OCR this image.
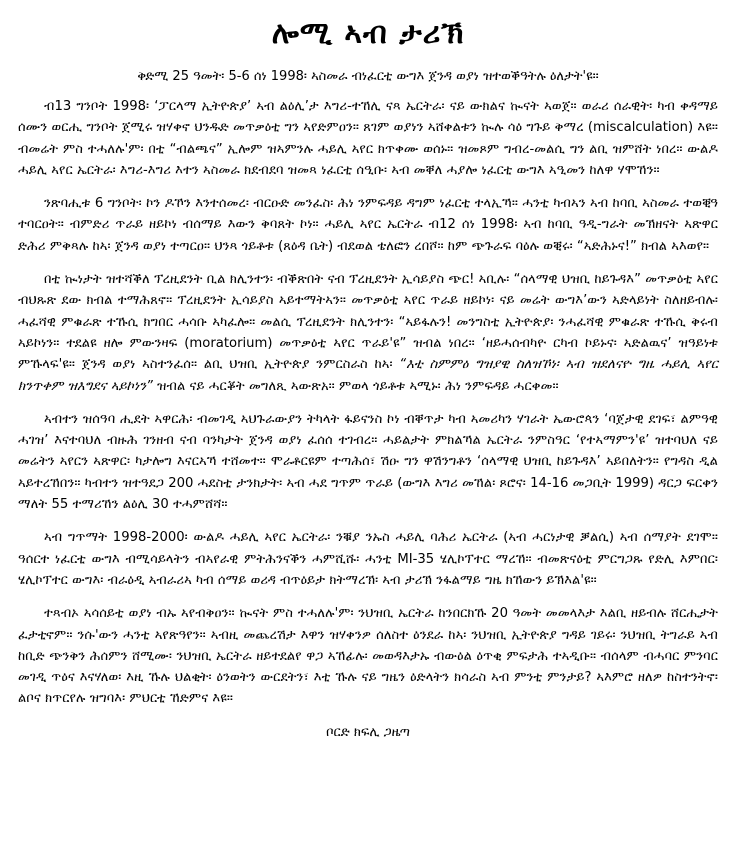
ሎሚ ኣብ ታሪኽ
ቅድሚ 25 ዓመት፡ 5-6 ሰነ 1998፡ ኣስመራ ብነፈርቲ ውግእ ጀንዳ ወያነ ዝተወቕዓትሉ ዕለታት'ዩ።

ብ13 ግንቦት 1998፡ ‘ፓርላማ ኢትዮጵያ’ ኣብ ልዕሊ’ታ እግሪ-ተኸሊ ናጻ ኤርትራ፡ ናይ ውክልና ኲናት ኣወጀ። ወራሪ ሰራዊት፡ ካብ ቀዳማይ ሰሙን ወርሒ ግንቦት ጀሚሩ ዝሃቀኖ ህንዱድ መጥቃዕቲ ግን ኣየድምዐን። ጸገም ወያነን ኣሸቀልቱን ኲሉ ሳዕ ግጉይ ቅማረ (miscalculation) እዩ። ብመሬት ምስ ተሓለሉ'ም፡ በቲ “ብልጫና” ኢሎም ዝኣምንሉ ሓይሊ ኣየር ክጥቀሙ ወሰኑ። ዝመጾም ግብረ-መልሲ ግን ልቢ ዝምሸት ነበረ። ውልዶ ሓይሊ ኣየር ኤርትራ፡ እግሪ-እግሪ እተን ኣስመራ ክደብደባ ዝመጻ ነፈርቲ ሰዒቡ፡ ኣብ መቐለ ሓያሎ ነፈርቲ ውግእ ኣዒመን ከለዋ ሃሞኸን።

ንጽባሒቱ 6 ግንቦት፡ ኮን ዶኾን እንተሰመረ፡ ብርዑድ መንፈስ፡ ሕነ ንምፍዳይ ዳግም ነፈርቲ ተላኢኻ። ሓንቲ ካብኣን ኣብ ከባቢ ኣስመራ ተወቒዓ ተባርዐት። ብምድሪ ጥራይ ዘይኮነ ብሰማይ እውን ቅባጸት ኮነ። ሓይሊ ኣየር ኤርትራ ብ12 ሰነ 1998፡ ኣብ ከባቢ ዓዲ-ግራት መኽዘናት ኣጽዋር ድሕሪ ምቅጻሉ ከኣ፡ ጀንዳ ወያነ ተጣርዐ። ህንጻ ጎይቶቱ (ጸዕዳ ቤት) ብደወል ቴለፎን ረበሾ። ከም ጭጉራፍ ባዕሉ ወቒሩ፡ “ኣድሕኑና!” ክብል ኣእወየ።

በቲ ኲነታት ዝተሻቕለ ፕረዚደንት ቢል ክሊንተን፡ ብቕጽበት ናብ ፕረዚደንት ኢሳይያስ ጭር! ኣቢሉ፡ “ሰላማዊ ህዝቢ ከይጉዳእ” መጥቃዕቲ ኣየር ብህጹጽ ደው ክብል ተማሕጸኖ። ፕረዚደንት ኢሳይያስ ኣይተማትኣን። መጥቃዕቲ ኣየር ጥራይ ዘይኮነ፡ ናይ መሬት ውግእ’ውን ኣድላይነት ስለዘይብሉ፡ ሓፈሻዊ ምቁራጽ ተኹሲ ክግበር ሓሳቡ ኣካፈሎ። መልሲ ፕረዚደንት ክሊንተን፡ “ኣይፋሉን! መንግስቲ ኢትዮጵያ፡ ንሓፈሻዊ ምቁራጽ ተኹሲ ቅሩብ ኣይኮነን። ተደልዩ ዘሎ ምውንዛፍ (moratorium) መጥቃዕቲ ኣየር ጥራይ'ዩ” ዝብል ነበረ። ‘ዘይሓሰብካዮ ርካብ ኮይኑና፡ ኣድልዉና’ ዝዓይነቱ ምኹላፍ'ዩ። ጀንዳ ወያነ ኣስተንፈሰ። ልቢ ህዝቢ ኢትዮጵያ ንምርስራስ ከኣ፡ “እቲ ስምምዕ ግዝያዊ ስለዝኾነ፡ ኣብ ዝደለናዮ ግዜ ሓይሊ ኣየር ክንጥቀም ዝእግደና ኣይኮነን” ዝብል ናይ ሓርቖት መግለጺ ኣውጽአ። ምወላ ጎይቶቱ ኣሚኑ፡ ሕነ ንምፍዳይ ሓርቀመ።

ኣብተን ዝሰዓባ ሒደት ኣዋርሕ፡ ብመገዲ ኣህጉራውያን ትካላት ፋይናንስ ኮነ ብቐጥታ ካብ ኣመሪካን ሃገራት ኤውሮጳን ‘ባጀታዊ ደገፍ፣ ልምዓዊ ሓገዝ’ እናተባህለ ብዙሕ ገንዘብ ናብ ባንካታት ጀንዳ ወያነ ፈሰሰ ተገብረ። ሓይልታት ምክልኻል ኤርትራ ንምስዓር ‘የተኣማምን'ዩ’ ዝተባህለ ናይ መሬትን ኣየርን ኣጽዋር፡ ካታሎግ እናርኣኻ ተሸመተ። ሞራቶርዩም ተጣሕሰ፣ ሽዑ ግን ዋሽንግቶን ‘ሰላማዊ ህዝቢ ከይጉዳእ’ ኣይበለትን። የግዳስ ዲል ኣይተረኸበን። ካብተን ዝተዓደጋ 200 ሓደስቲ ታንክታት፡ ኣብ ሓደ ግጥም ጥራይ (ውግእ እግሪ መኸል፡ ጾሮና፡ 14-16 መጋቢት 1999) ዳርጋ ፍርቀን ማለት 55 ተማሪኸን ልዕሊ 30 ተሓምሸሻ።

ኣብ ግጥማት 1998-2000፡ ውልዶ ሓይሊ ኣየር ኤርትራ፡ ንቑያ ንኡስ ሓይሊ ባሕሪ ኤርትራ (ኣብ ሓርነታዊ ቓልሲ) ኣብ ሰማያት ደገሞ። ዓሰርተ ነፈርቲ ውግእ ብሚሳይላትን ብኣየራዊ ምትሕንናቕን ሓምሺሹ፡ ሓንቲ MI-35 ሄሊኮፕተር ማረኸ። ብመጽናዕቲ ምርግጋጹ የድሊ እምበር፡ ሄሊኮፕተር ውግእ፡ ብራዕዲ ኣብራሪኣ ካብ ሰማይ ወሪዳ ብጥዕይታ ክትማረኽ፡ ኣብ ታሪኽ ንፋልማይ ግዜ ክኸውን ይኽእል'ዩ።

ተጻብኦ ኣሳሰይቲ ወያነ ብኡ ኣየብቅዐን። ኲናት ምስ ተሓለሉ'ም፡ ንህዝቢ ኤርትራ ከንበርክኹ 20 ዓመት መመላእታ እልቢ ዘይብሉ ሸርሒታት ፈታቲኖም። ንሱ'ውን ሓንቲ ኣየጽዓየን። ኣብዚ መጨረሽታ እዋን ዝሃቀንዎ ሰለስተ ዕንደራ ከኣ፡ ንህዝቢ ኢትዮጵያ ግዳይ ገይሩ፡ ንህዝቢ ትግራይ ኣብ ከቢድ ጭንቅን ሕሰምን ሸሚሙ፡ ንህዝቢ ኤርትራ ዘይተደልየ ዋጋ ኣኸፊሉ፡ መወዳእታኡ ብውዕል ዕጥቂ ምፍታሕ ተኣዲቡ። ብሰላም ብሓባር ምንባር መገዲ ጥዕና እናሃለወ፡ እዚ ኹሉ ህልቂት፡ ዕንወትን ውርደትን፣ እቲ ኹሉ ናይ ግዜን ዕድላትን ክሳራስ ኣብ ምንቲ ምንታይ? ኣእምሮ ዘለዎ ከስተንትኖ፡ ልቦና ክጥርየሉ ዝግባእ፡ ምህርቲ ኸድምና እዩ።

ቦርድ ክፍሊ ጋዜጣ
